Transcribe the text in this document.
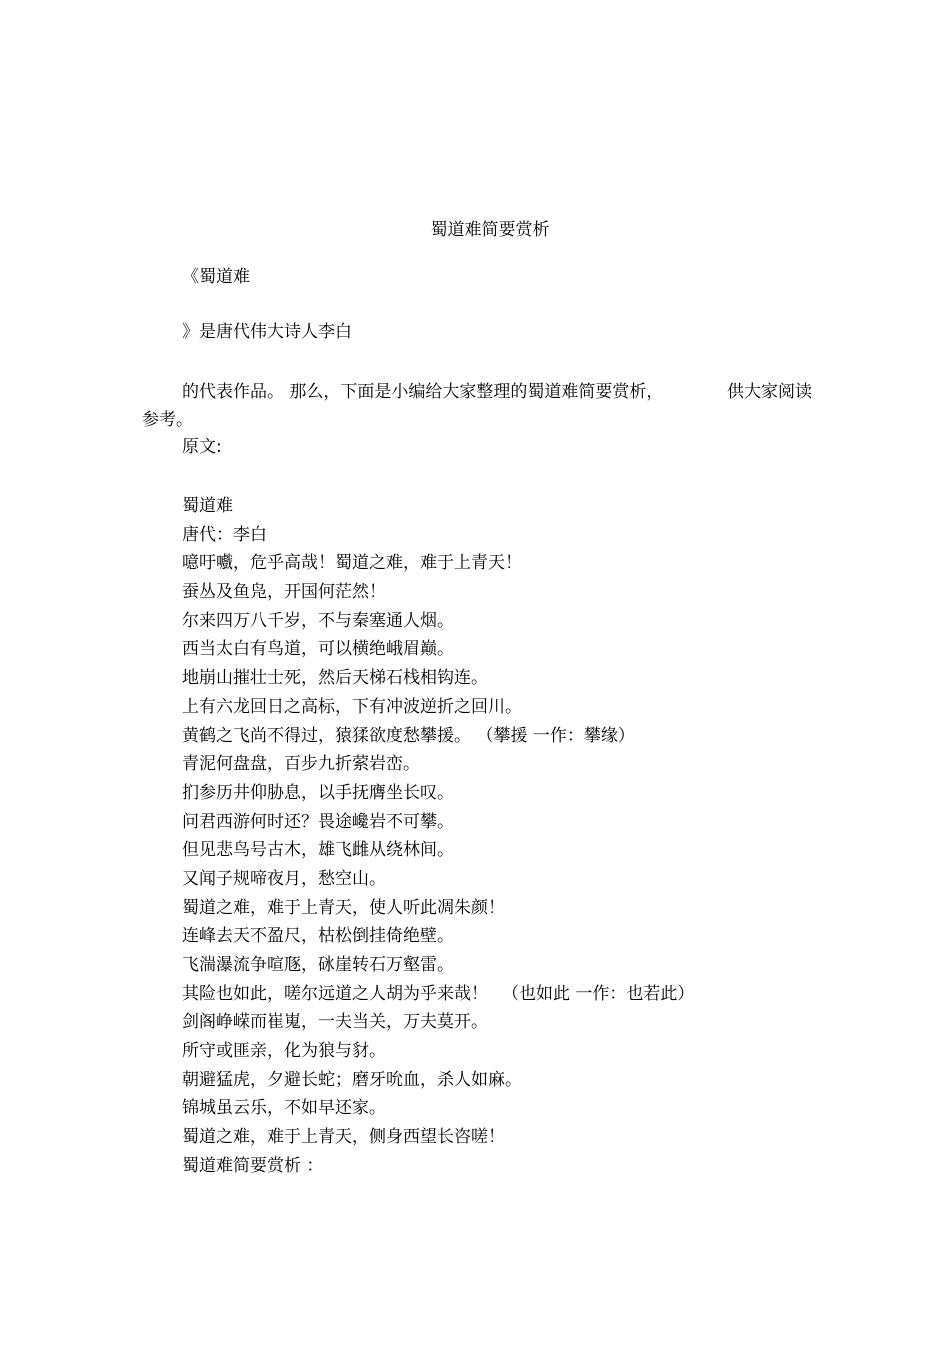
蜀道难简要赏析
《蜀道难
》是唐代伟大诗人李白
的代表作品。 那么，下面是小编给大家整理的蜀道难简要赏析，	供大家阅读
参考。
原文:
蜀道难
唐代：李白
噫吁嚱，危乎高哉！蜀道之难，难于上青天！
蚕丛及鱼凫，开国何茫然！
尔来四万八千岁，不与秦塞通人烟。
西当太白有鸟道，可以横绝峨眉巅。
地崩山摧壮士死，然后天梯石栈相钩连。
上有六龙回日之高标，下有冲波逆折之回川。
黄鹤之飞尚不得过，猿猱欲度愁攀援。 （攀援 一作：攀缘）
青泥何盘盘，百步九折萦岩峦。
扪参历井仰胁息，以手抚膺坐长叹。
问君西游何时还？畏途巉岩不可攀。
但见悲鸟号古木，雄飞雌从绕林间。
又闻子规啼夜月，愁空山。
蜀道之难，难于上青天，使人听此凋朱颜！
连峰去天不盈尺，枯松倒挂倚绝壁。
飞湍瀑流争喧豗，砯崖转石万壑雷。
其险也如此，嗟尔远道之人胡为乎来哉！ （也如此 一作：也若此）
剑阁峥嵘而崔嵬，一夫当关，万夫莫开。
所守或匪亲，化为狼与豺。
朝避猛虎，夕避长蛇；磨牙吮血，杀人如麻。
锦城虽云乐，不如早还家。
蜀道之难，难于上青天，侧身西望长咨嗟！
蜀道难简要赏析 ：
